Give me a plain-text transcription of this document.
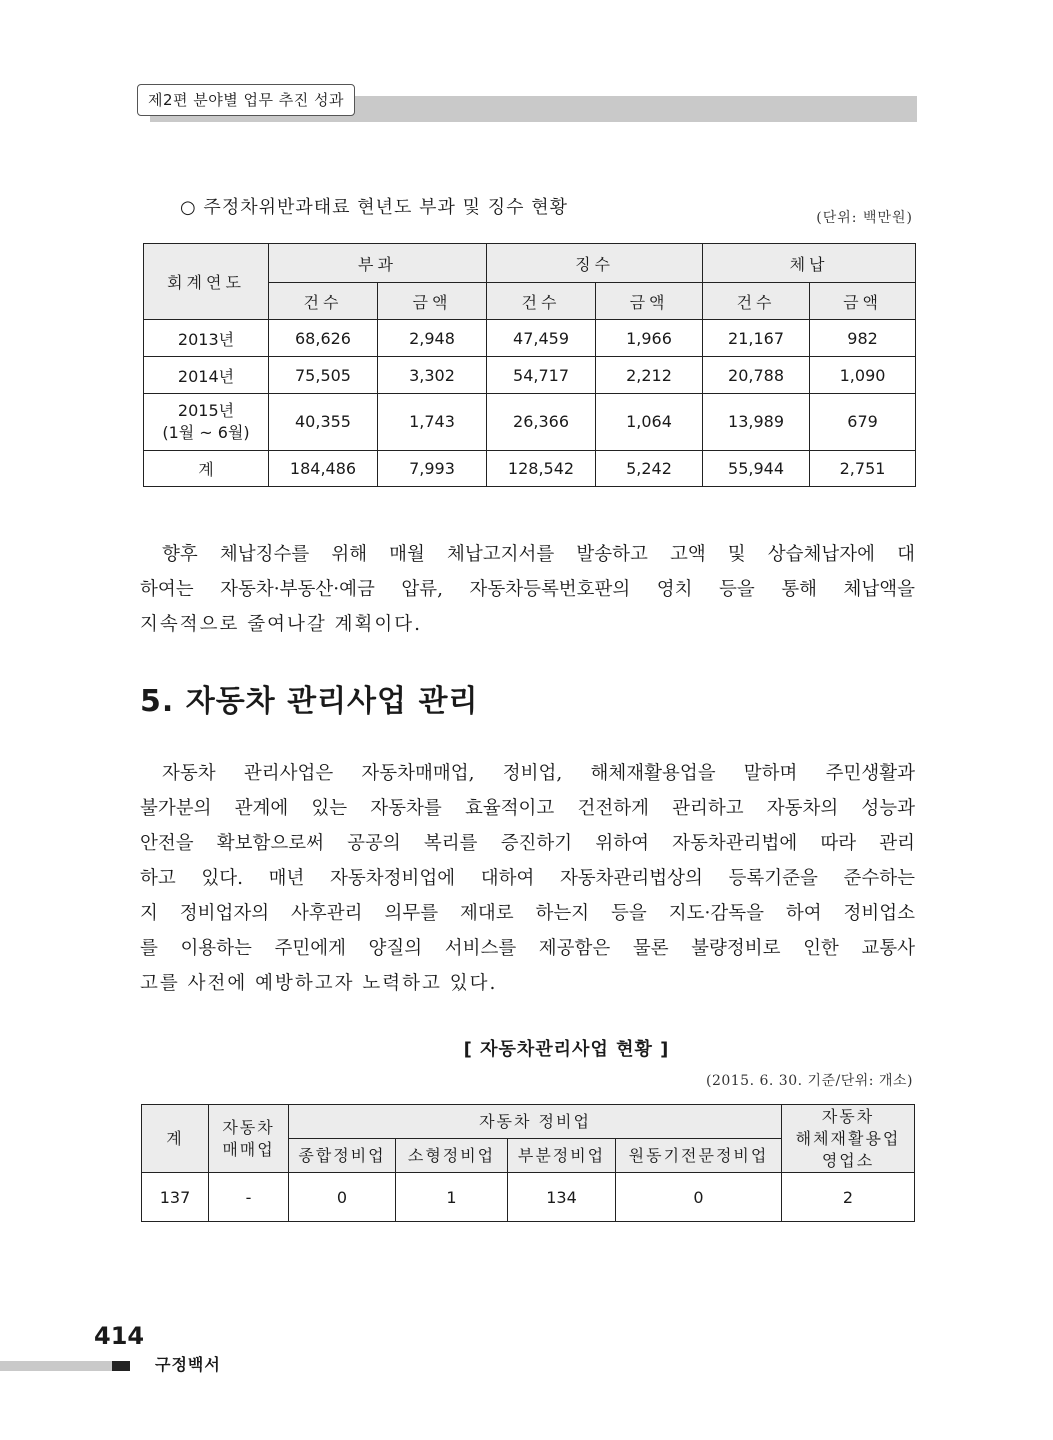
제2편 분야별 업무 추진 성과
○ 주정차위반과태료 현년도 부과 및 징수 현황	(단위: 백만원)
회계연도	부과		징수		체납	
	건수	금액	건수	금액	건수	금액
2013년	68,626	2,948	47,459	1,966	21,167	982
2014년	75,505	3,302	54,717	2,212	20,788	1,090
2015년
(1월 ~ 6월)	40,355	1,743	26,366	1,064	13,989	679
계	184,486	7,993	128,542	5,242	55,944	2,751
향후 체납징수를 위해 매월 체납고지서를 발송하고 고액 및 상습체납자에 대
하여는 자동차·부동산·예금 압류, 자동차등록번호판의 영치 등을 통해 체납액을
지속적으로 줄여나갈 계획이다.
5. 자동차 관리사업 관리
자동차 관리사업은 자동차매매업, 정비업, 해체재활용업을 말하며 주민생활과
불가분의 관계에 있는 자동차를 효율적이고 건전하게 관리하고 자동차의 성능과
안전을 확보함으로써 공공의 복리를 증진하기 위하여 자동차관리법에 따라 관리
하고 있다. 매년 자동차정비업에 대하여 자동차관리법상의 등록기준을 준수하는
지 정비업자의 사후관리 의무를 제대로 하는지 등을 지도·감독을 하여 정비업소
를 이용하는 주민에게 양질의 서비스를 제공함은 물론 불량정비로 인한 교통사
고를 사전에 예방하고자 노력하고 있다.
[ 자동차관리사업 현황 ]
(2015. 6. 30. 기준/단위: 개소)
계	자동차
매매업	자동차 정비업				자동차
해체재활용업
영업소
		종합정비업	소형정비업	부분정비업	원동기전문정비업	
137	-	0	1	134	0	2
414
구정백서
